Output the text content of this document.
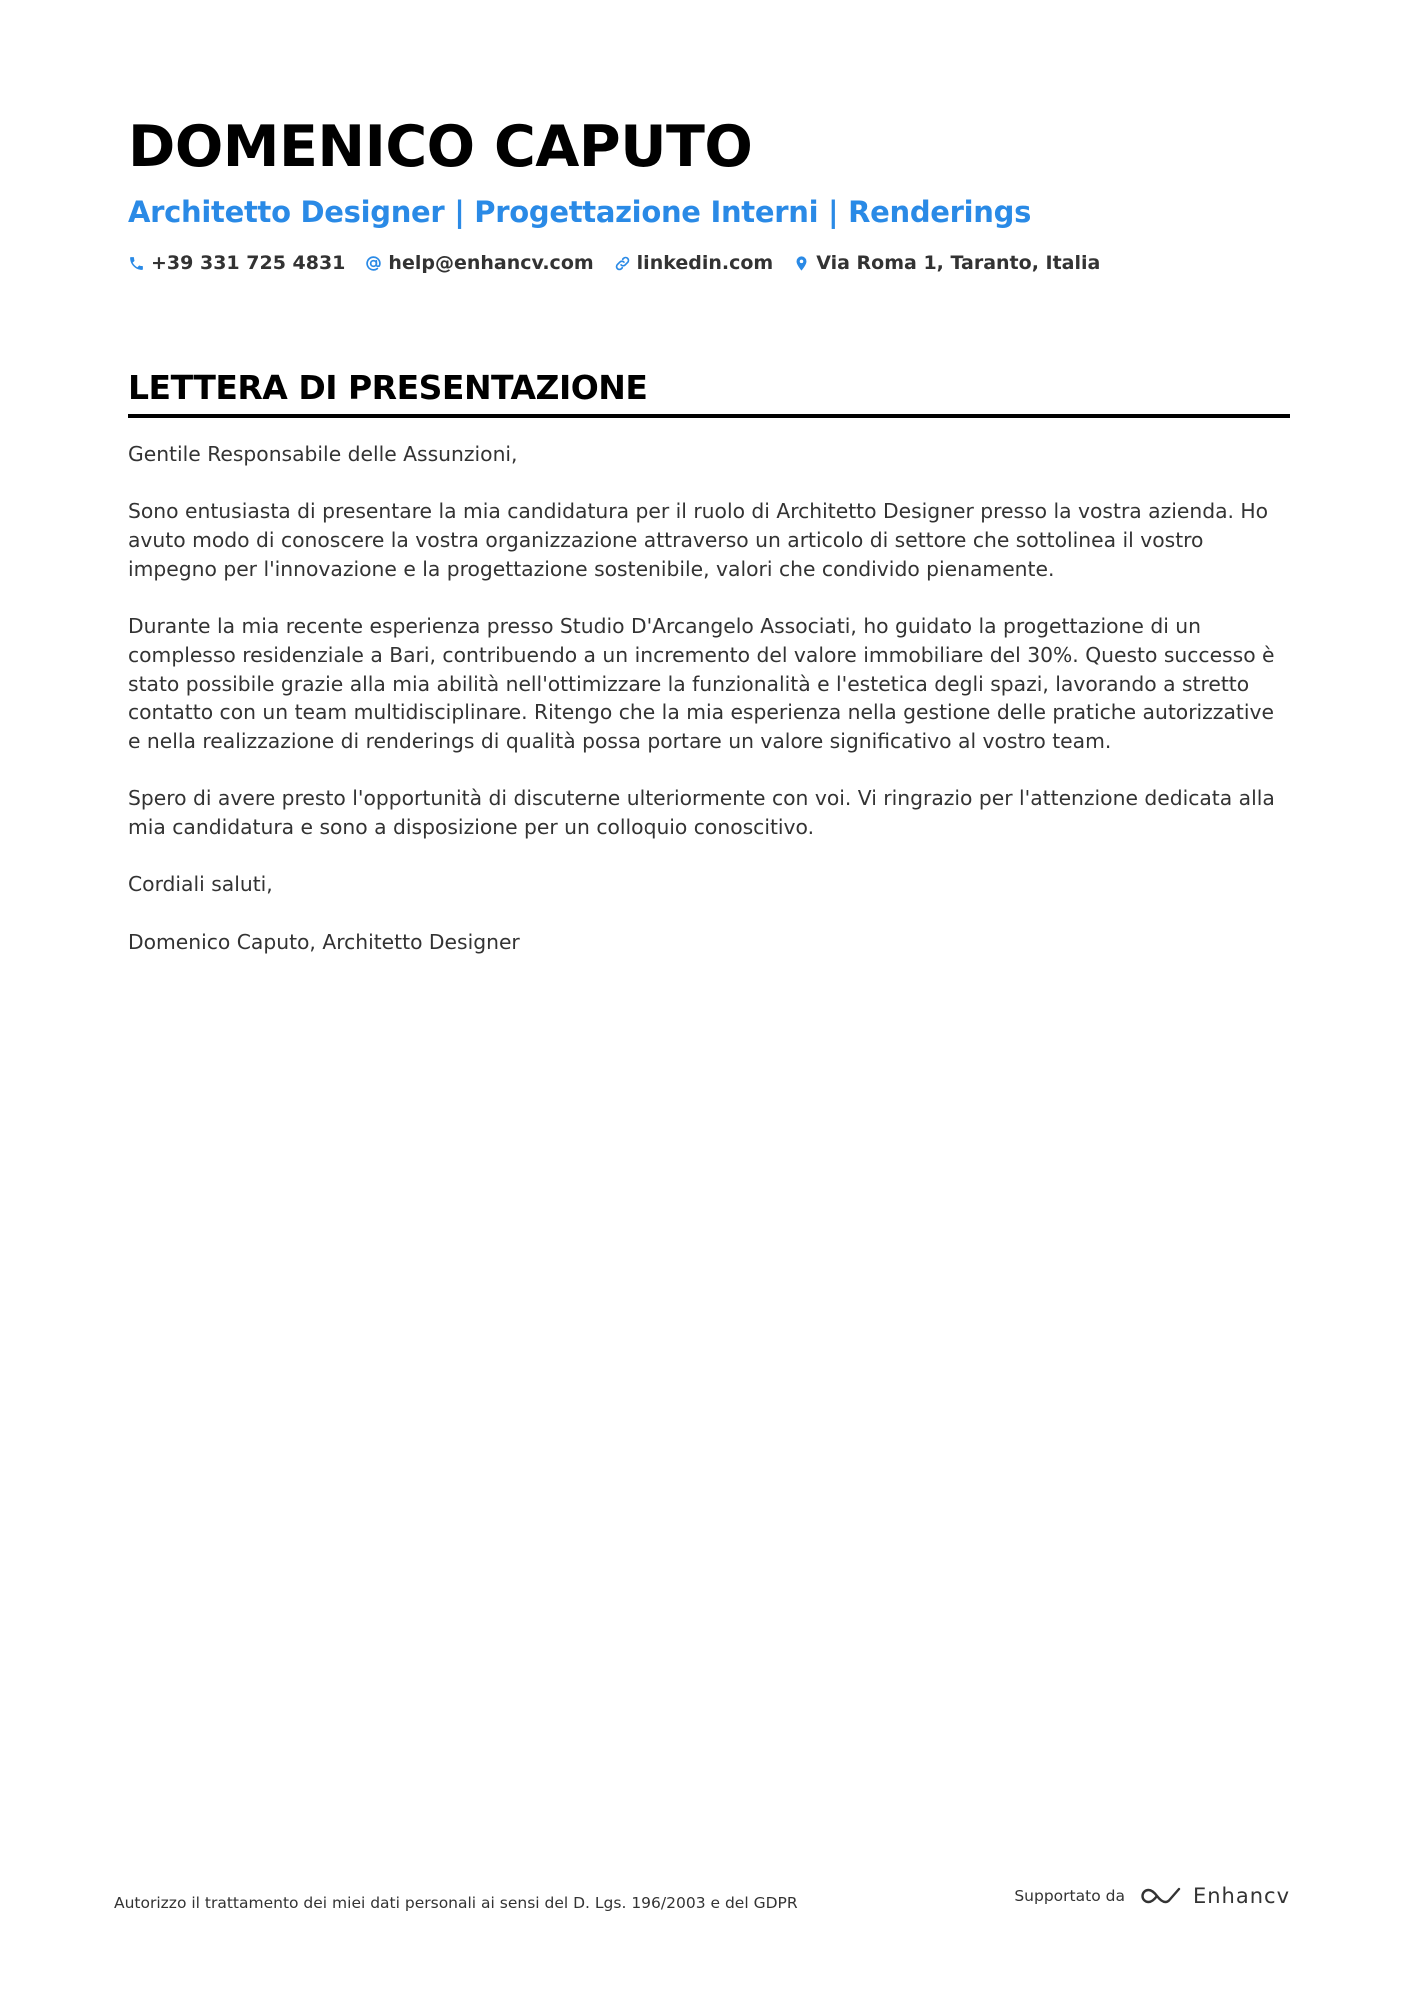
DOMENICO CAPUTO
Architetto Designer | Progettazione Interni | Renderings
+39 331 725 4831 help@enhancv.com linkedin.com Via Roma 1, Taranto, Italia
LETTERA DI PRESENTAZIONE

Gentile Responsabile delle Assunzioni,

Sono entusiasta di presentare la mia candidatura per il ruolo di Architetto Designer presso la vostra azienda. Ho avuto modo di conoscere la vostra organizzazione attraverso un articolo di settore che sottolinea il vostro impegno per l'innovazione e la progettazione sostenibile, valori che condivido pienamente.

Durante la mia recente esperienza presso Studio D'Arcangelo Associati, ho guidato la progettazione di un complesso residenziale a Bari, contribuendo a un incremento del valore immobiliare del 30%. Questo successo è stato possibile grazie alla mia abilità nell'ottimizzare la funzionalità e l'estetica degli spazi, lavorando a stretto contatto con un team multidisciplinare. Ritengo che la mia esperienza nella gestione delle pratiche autorizzative e nella realizzazione di renderings di qualità possa portare un valore significativo al vostro team.

Spero di avere presto l'opportunità di discuterne ulteriormente con voi. Vi ringrazio per l'attenzione dedicata alla mia candidatura e sono a disposizione per un colloquio conoscitivo.

Cordiali saluti,

Domenico Caputo, Architetto Designer

Autorizzo il trattamento dei miei dati personali ai sensi del D. Lgs. 196/2003 e del GDPR	Supportato da	Enhancv
